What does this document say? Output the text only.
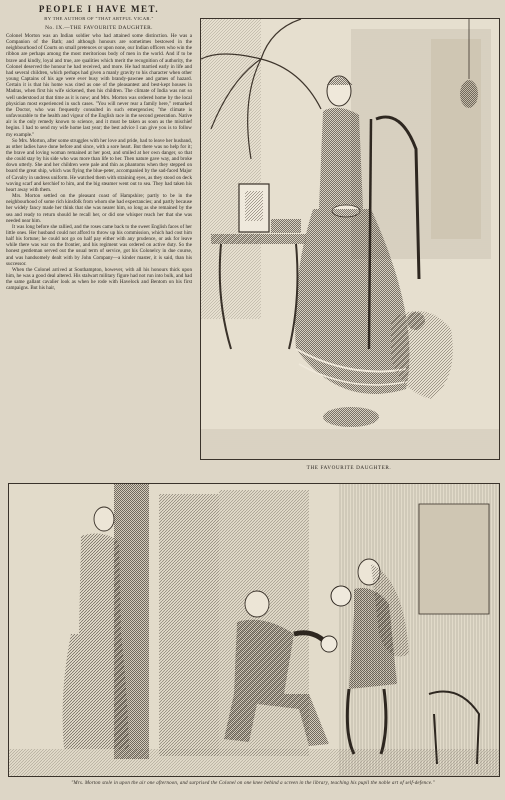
PEOPLE I HAVE MET.
BY THE AUTHOR OF "THAT ARTFUL VICAR."
No. IX.—THE FAVOURITE DAUGHTER.

Colonel Morton was an Indian soldier who had attained some distinction. He was a Companion of the Bath; and although honours are sometimes bestowed in the neighbourhood of Courts on small pretences or upon none, our Indian officers who win the ribbon are perhaps among the most meritorious body of men in the world. And if to be brave and kindly, loyal and true, are qualities which merit the recognition of authority, the Colonel deserved the honour he had received, and more. He had married early in life and had several children, which perhaps had given a manly gravity to his character when other young Captains of his age were ever busy with brandy-pawnee and games of hazard. Certain it is that his home was cited as one of the pleasantest and best-kept houses in Madras, when first his wife sickened, then his children. The climate of India was not so well understood at that time as it is now; and Mrs. Morton was ordered home by the local physician most experienced in such cases. "You will never rear a family here," remarked the Doctor, who was frequently consulted in such emergencies; "the climate is unfavourable to the health and vigour of the English race in the second generation. Native air is the only remedy known to science, and it must be taken as soon as the mischief begins. I had to send my wife home last year; the best advice I can give you is to follow my example."

So Mrs. Morton, after some struggles with her love and pride, had to leave her husband, as other ladies have done before and since, with a sore heart. But there was no help for it; the brave and loving woman remained at her post, and smiled at her own danger, so that she could stay by his side who was more than life to her. Then nature gave way, and broke down utterly. She and her children were pale and thin as phantoms when they stepped on board the great ship, which was flying the blue-peter, accompanied by the sad-faced Major of Cavalry in undress uniform. He watched them with straining eyes, as they stood on deck waving scarf and kerchief to him, and the big steamer went out to sea. They had taken his heart away with them.

Mrs. Morton settled on the pleasant coast of Hampshire; partly to be in the neighbourhood of some rich kinsfolk from whom she had expectancies; and partly because her widely fancy made her think that she was nearer him, so long as she remained by the sea and ready to return should he recall her, or did one whisper reach her that she was needed near him.

It was long before she rallied, and the roses came back to the sweet English faces of her little ones. Her husband could not afford to throw up his commission, which had cost him half his fortune; he could not go on half pay either with any prudence, or ask for leave while there was war on the frontier, and his regiment was ordered on active duty. So the honest gentleman served out the usual term of service, got his Colonelcy in due course, and was handsomely dealt with by John Company—a kinder master, it is said, than his successor.

When the Colonel arrived at Southampton, however, with all his honours thick upon him, he was a good deal altered. His stalwart military figure had not run into bulk, and had the same gallant cavalier look as when he rode with Havelock and Bentom on his first campaigns. But his hair,

THE FAVOURITE DAUGHTER.
"Mrs. Morton stole in upon the air one afternoon, and surprised the Colonel on one knee behind a screen in the library, teaching his pupil the noble art of self-defence."
